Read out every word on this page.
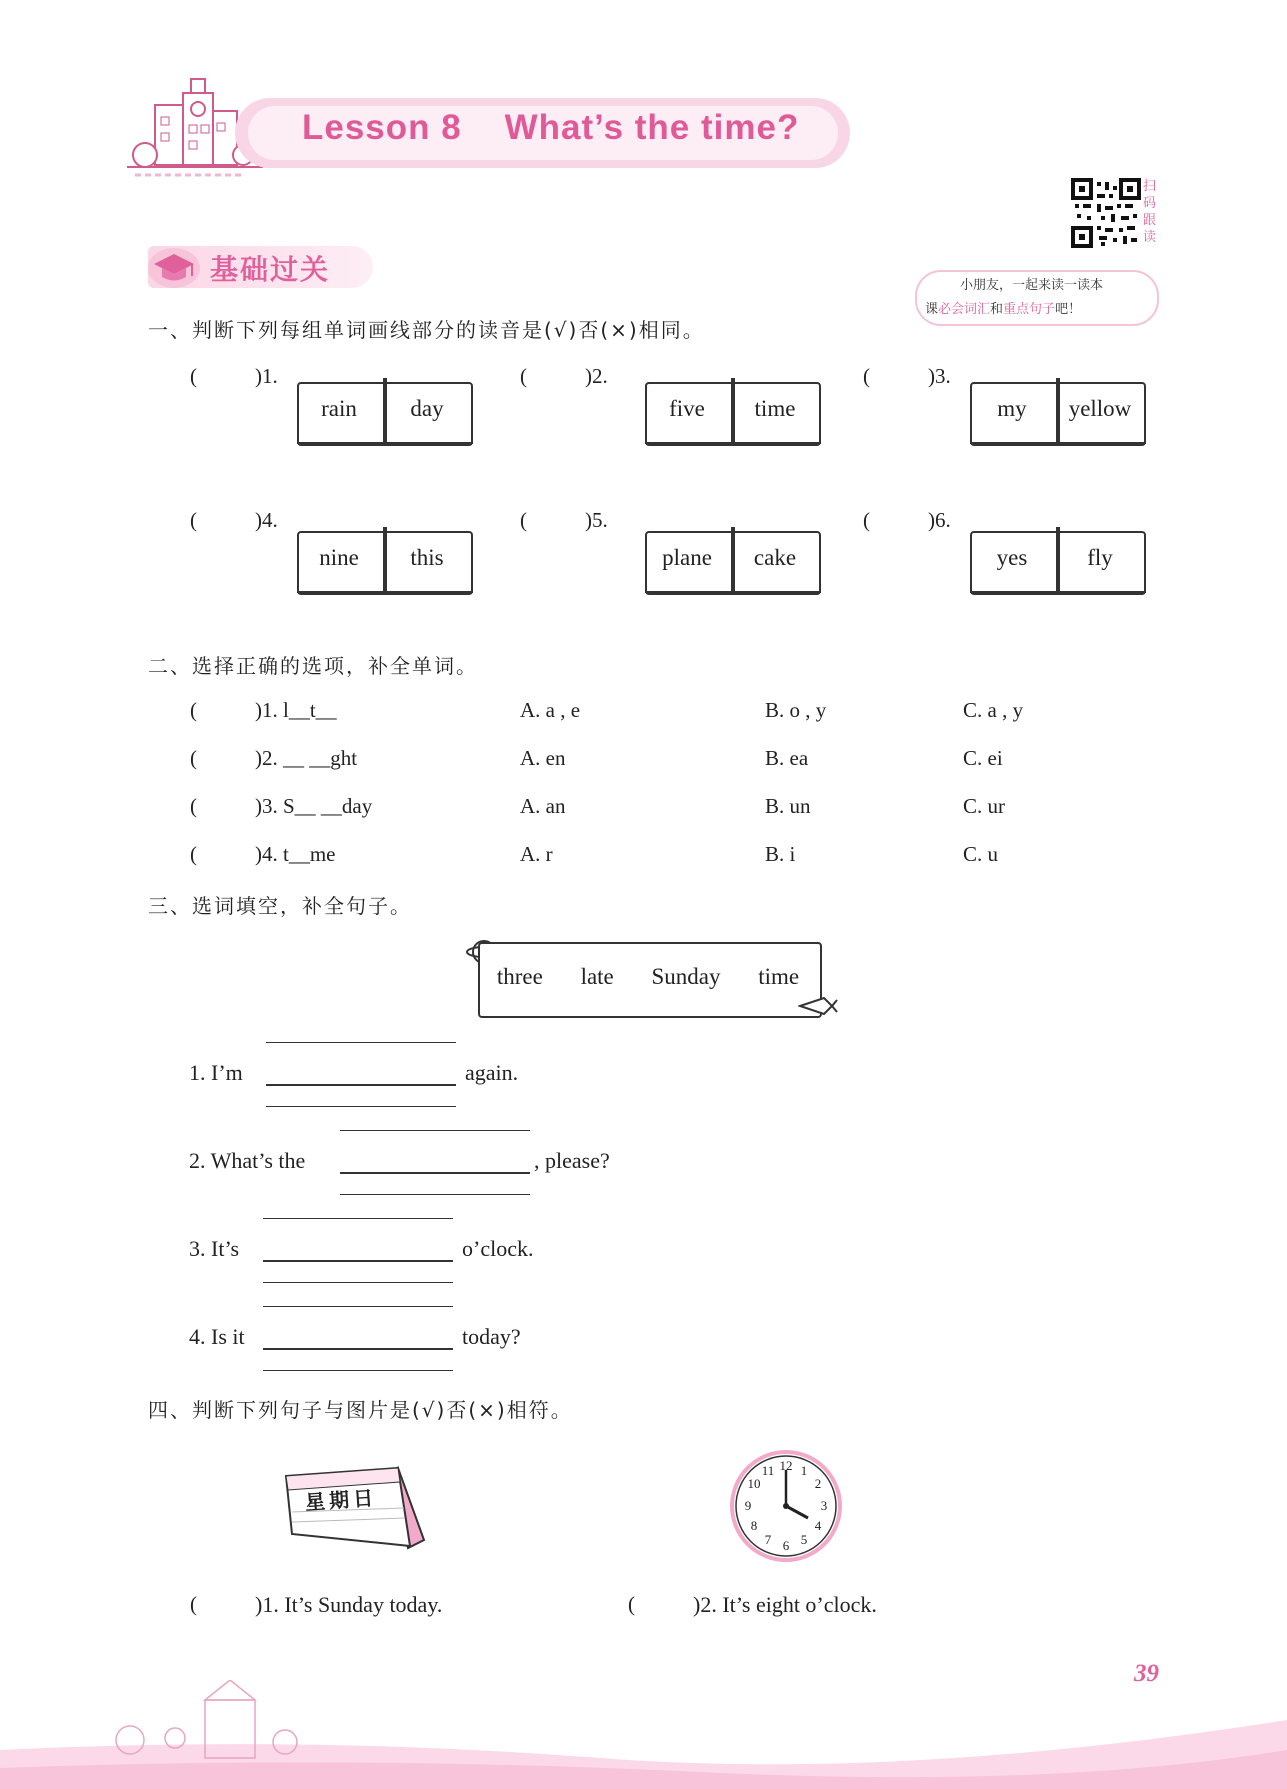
Lesson 8    What’s the time?
扫码跟读
小朋友，一起来读一读本
课必会词汇和重点句子吧！
基础过关
一、判断下列每组单词画线部分的读音是(√)否(×)相同。
(	)1.
rain	day
(	)2.
five	time
(	)3.
my	yellow
(	)4.
nine	this
(	)5.
plane	cake
(	)6.
yes	fly
二、选择正确的选项，补全单词。
(	)1. l__t__	A. a , e	B. o , y	C. a , y
(	)2. __ __ght	A. en	B. ea	C. ei
(	)3. S__ __day	A. an	B. un	C. ur
(	)4. t__me	A. r	B. i	C. u
三、选词填空，补全句子。
three late Sunday time
1. I’m	again.
2. What’s the	, please?
3. It’s	o’clock.
4. Is it	today?
四、判断下列句子与图片是(√)否(×)相符。
星期日
12 1
2
3
4
5
6
7
8
9
10
11
(	)1. It’s Sunday today.	(	)2. It’s eight o’clock.
39
